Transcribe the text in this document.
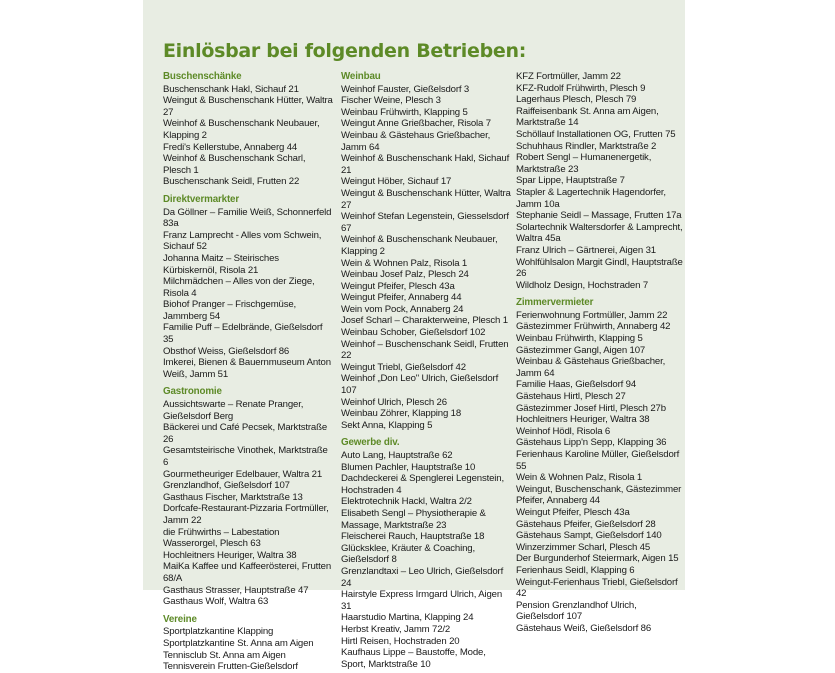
Einlösbar bei folgenden Betrieben:
Buschenschänke
Buschenschank Hakl, Sichauf 21
Weingut & Buschenschank Hütter, Waltra 27
Weinhof & Buschenschank Neubauer, Klapping 2
Fredi's Kellerstube, Annaberg 44
Weinhof & Buschenschank Scharl, Plesch 1
Buschenschank Seidl, Frutten 22
Direktvermarkter
Da Göllner – Familie Weiß, Schonnerfeld 83a
Franz Lamprecht - Alles vom Schwein, Sichauf 52
Johanna Maitz – Steirisches Kürbiskernöl, Risola 21
Milchmädchen – Alles von der Ziege, Risola 4
Biohof Pranger – Frischgemüse, Jammberg 54
Familie Puff – Edelbrände, Gießelsdorf 35
Obsthof Weiss, Gießelsdorf 86
Imkerei, Bienen & Bauernmuseum Anton Weiß, Jamm 51
Gastronomie
Aussichtswarte – Renate Pranger, Gießelsdorf Berg
Bäckerei und Café Pecsek, Marktstraße 26
Gesamtsteirische Vinothek, Marktstraße 6
Gourmetheuriger Edelbauer, Waltra 21
Grenzlandhof, Gießelsdorf 107
Gasthaus Fischer, Marktstraße 13
Dorfcafe-Restaurant-Pizzaria Fortmüller, Jamm 22
die Frühwirths – Labestation Wasserorgel, Plesch 63
Hochleitners Heuriger, Waltra 38
MaiKa Kaffee und Kaffeerösterei, Frutten 68/A
Gasthaus Strasser, Hauptstraße 47
Gasthaus Wolf, Waltra 63
Vereine
Sportplatzkantine Klapping
Sportplatzkantine St. Anna am Aigen
Tennisclub St. Anna am Aigen
Tennisverein Frutten-Gießelsdorf
Weinbau
Weinhof Fauster, Gießelsdorf 3
Fischer Weine, Plesch 3
Weinbau Frühwirth, Klapping 5
Weingut Anne Grießbacher, Risola 7
Weinbau & Gästehaus Grießbacher, Jamm 64
Weinhof & Buschenschank Hakl, Sichauf 21
Weingut Höber, Sichauf 17
Weingut & Buschenschank Hütter, Waltra 27
Weinhof Stefan Legenstein, Giesselsdorf 67
Weinhof & Buschenschank Neubauer, Klapping 2
Wein & Wohnen Palz, Risola 1
Weinbau Josef Palz, Plesch 24
Weingut Pfeifer, Plesch 43a
Weingut Pfeifer, Annaberg 44
Wein vom Pock, Annaberg 24
Josef Scharl – Charakterweine, Plesch 1
Weinbau Schober, Gießelsdorf 102
Weinhof – Buschenschank Seidl, Frutten 22
Weingut Triebl, Gießelsdorf 42
Weinhof „Don Leo" Ulrich, Gießelsdorf 107
Weinhof Ulrich, Plesch 26
Weinbau Zöhrer, Klapping 18
Sekt Anna, Klapping 5
Gewerbe div.
Auto Lang, Hauptstraße 62
Blumen Pachler, Hauptstraße 10
Dachdeckerei & Spenglerei Legenstein, Hochstraden 4
Elektrotechnik Hackl, Waltra 2/2
Elisabeth Sengl – Physiotherapie & Massage, Marktstraße 23
Fleischerei Rauch, Hauptstraße 18
Glücksklee, Kräuter & Coaching, Gießelsdorf 8
Grenzlandtaxi – Leo Ulrich, Gießelsdorf 24
Hairstyle Express Irmgard Ulrich, Aigen 31
Haarstudio Martina, Klapping 24
Herbst Kreativ, Jamm 72/2
Hirtl Reisen, Hochstraden 20
Kaufhaus Lippe – Baustoffe, Mode, Sport, Marktstraße 10
KFZ Fortmüller, Jamm 22
KFZ-Rudolf Frühwirth, Plesch 9
Lagerhaus Plesch, Plesch 79
Raiffeisenbank St. Anna am Aigen, Marktstraße 14
Schöllauf Installationen OG, Frutten 75
Schuhhaus Rindler, Marktstraße 2
Robert Sengl – Humanenergetik, Marktstraße 23
Spar Lippe, Hauptstraße 7
Stapler & Lagertechnik Hagendorfer, Jamm 10a
Stephanie Seidl – Massage, Frutten 17a
Solartechnik Waltersdorfer & Lamprecht, Waltra 45a
Franz Ulrich – Gärtnerei, Aigen 31
Wohlfühlsalon Margit Gindl, Hauptstraße 26
Wildholz Design, Hochstraden 7
Zimmervermieter
Ferienwohnung Fortmüller, Jamm 22
Gästezimmer Frühwirth, Annaberg 42
Weinbau Frühwirth, Klapping 5
Gästezimmer Gangl, Aigen 107
Weinbau & Gästehaus Grießbacher, Jamm 64
Familie Haas, Gießelsdorf 94
Gästehaus Hirtl, Plesch 27
Gästezimmer Josef Hirtl, Plesch 27b
Hochleitners Heuriger, Waltra 38
Weinhof Hödl, Risola 6
Gästehaus Lipp'n Sepp, Klapping 36
Ferienhaus Karoline Müller, Gießelsdorf 55
Wein & Wohnen Palz, Risola 1
Weingut, Buschenschank, Gästezimmer Pfeifer, Annaberg 44
Weingut Pfeifer, Plesch 43a
Gästehaus Pfeifer, Gießelsdorf 28
Gästehaus Sampt, Gießelsdorf 140
Winzerzimmer Scharl, Plesch 45
Der Burgunderhof Steiermark, Aigen 15
Ferienhaus Seidl, Klapping 6
Weingut-Ferienhaus Triebl, Gießelsdorf 42
Pension Grenzlandhof Ulrich, Gießelsdorf 107
Gästehaus Weiß, Gießelsdorf 86
